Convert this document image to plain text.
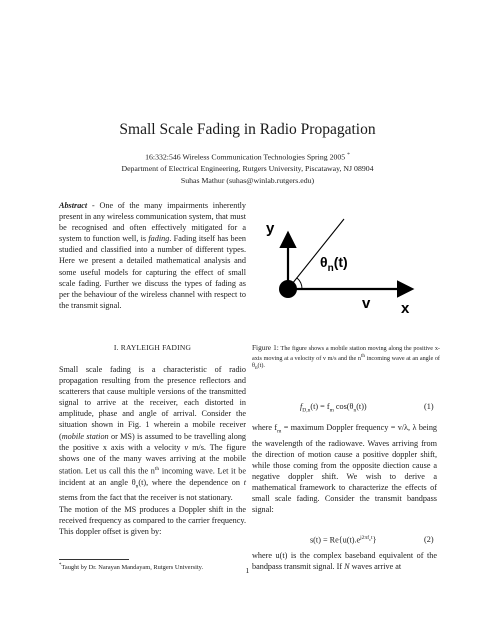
Small Scale Fading in Radio Propagation
16:332:546 Wireless Communication Technologies Spring 2005 *
Department of Electrical Engineering, Rutgers University, Piscataway, NJ 08904
Suhas Mathur (suhas@winlab.rutgers.edu)

Abstract - One of the many impairments inherently present in any wireless communication system, that must be recognised and often effectively mitigated for a system to function well, is fading. Fading itself has been studied and classified into a number of different types. Here we present a detailed mathematical analysis and some useful models for capturing the effect of small scale fading. Further we discuss the types of fading as per the behaviour of the wireless channel with respect to the transmit signal.

y
x
v
$\theta_n(t)$
Figure 1: The figure shows a mobile station moving along the positive x-axis moving at a velocity of v m/s and the $n^{th}$ incoming wave at an angle of $\theta_n(t)$.
I. RAYLEIGH FADING

Small scale fading is a characteristic of radio propagation resulting from the presence reflectors and scatterers that cause multiple versions of the transmitted signal to arrive at the receiver, each distorted in amplitude, phase and angle of arrival. Consider the situation shown in Fig. 1 wherein a mobile receiver (mobile station or MS) is assumed to be travelling along the positive x axis with a velocity v m/s. The figure shows one of the many waves arriving at the mobile station. Let us call this the $n^{th}$ incoming wave. Let it be incident at an angle $\theta_n(t)$, where the dependence on t stems from the fact that the receiver is not stationary.

The motion of the MS produces a Doppler shift in the received frequency as compared to the carrier frequency. This doppler offset is given by:

*Taught by Dr. Narayan Mandayam, Rutgers University.
$f_{D,n}(t) = f_m$ $\cos(\theta_n(t))$	(1)

where $f_m$ = maximum Doppler frequency = v/λ, λ being the wavelength of the radiowave. Waves arriving from the direction of motion cause a positive doppler shift, while those coming from the opposite diection cause a negative doppler shift. We wish to derive a mathematical framework to characterize the effects of small scale fading. Consider the transmit bandpass signal:

$s(t) = Re\{u(t).e^{j2\pi f_ct}\}$	(2)

where u(t) is the complex baseband equivalent of the bandpass transmit signal. If N waves arrive at

1
